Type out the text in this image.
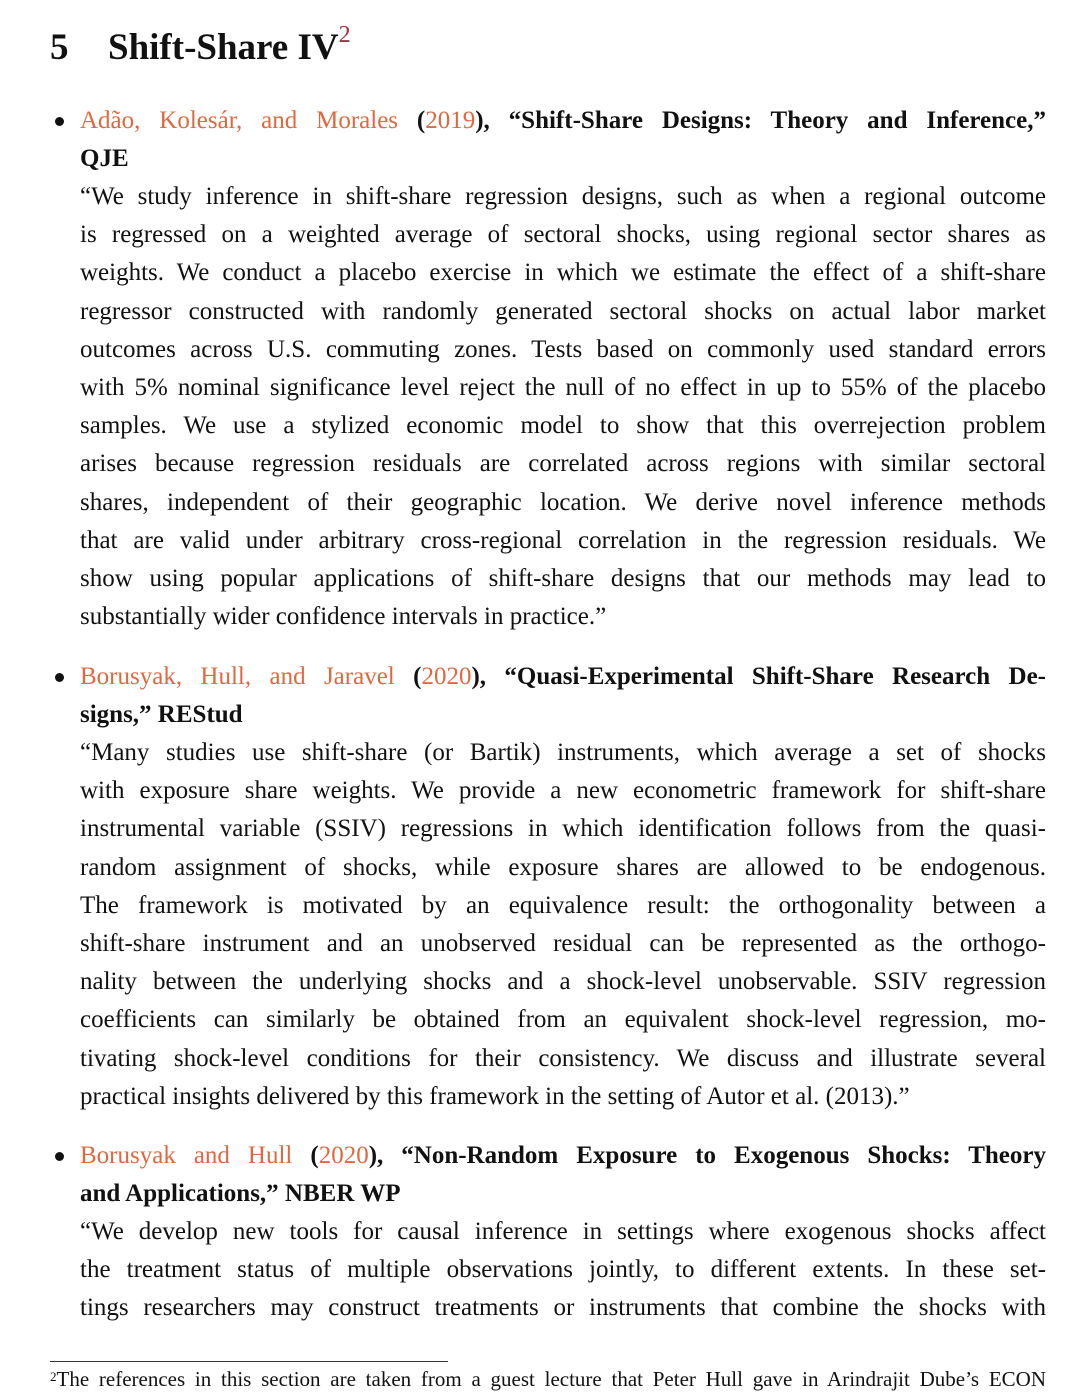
5 Shift-Share $IV^2$
Adão, Kolesár, and Morales (2019), “Shift-Share Designs: Theory and Inference,”
QJE
“We study inference in shift-share regression designs, such as when a regional outcome
is regressed on a weighted average of sectoral shocks, using regional sector shares as
weights. We conduct a placebo exercise in which we estimate the effect of a shift-share
regressor constructed with randomly generated sectoral shocks on actual labor market
outcomes across U.S. commuting zones. Tests based on commonly used standard errors
with 5% nominal significance level reject the null of no effect in up to 55% of the placebo
samples. We use a stylized economic model to show that this overrejection problem
arises because regression residuals are correlated across regions with similar sectoral
shares, independent of their geographic location. We derive novel inference methods
that are valid under arbitrary cross-regional correlation in the regression residuals. We
show using popular applications of shift-share designs that our methods may lead to
substantially wider confidence intervals in practice.”
Borusyak, Hull, and Jaravel (2020), “Quasi-Experimental Shift-Share Research De-
signs,” REStud
“Many studies use shift-share (or Bartik) instruments, which average a set of shocks
with exposure share weights. We provide a new econometric framework for shift-share
instrumental variable (SSIV) regressions in which identification follows from the quasi-
random assignment of shocks, while exposure shares are allowed to be endogenous.
The framework is motivated by an equivalence result: the orthogonality between a
shift-share instrument and an unobserved residual can be represented as the orthogo-
nality between the underlying shocks and a shock-level unobservable. SSIV regression
coefficients can similarly be obtained from an equivalent shock-level regression, mo-
tivating shock-level conditions for their consistency. We discuss and illustrate several
practical insights delivered by this framework in the setting of Autor et al. (2013).”
Borusyak and Hull (2020), “Non-Random Exposure to Exogenous Shocks: Theory
and Applications,” NBER WP
“We develop new tools for causal inference in settings where exogenous shocks affect
the treatment status of multiple observations jointly, to different extents. In these set-
tings researchers may construct treatments or instruments that combine the shocks with
$^2$The references in this section are taken from a guest lecture that Peter Hull gave in Arindrajit Dube’s ECON
